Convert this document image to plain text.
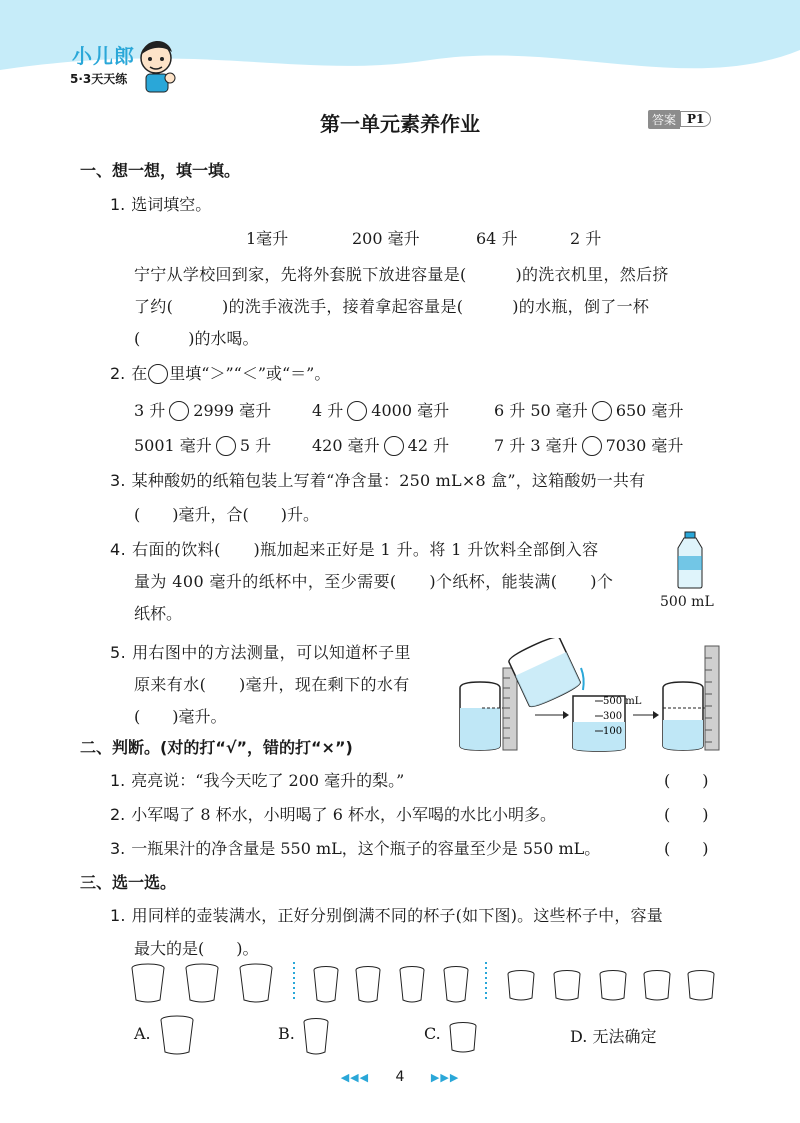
小儿郎
5·3天天练
第一单元素养作业	答案 P1
一、想一想，填一填。
1. 选词填空。
1毫升	200 毫升	64 升	2 升
宁宁从学校回到家，先将外套脱下放进容量是(　　　)的洗衣机里，然后挤
了约(　　　)的洗手液洗手，接着拿起容量是(　　　)的水瓶，倒了一杯
(　　　)的水喝。
2. 在 里填“＞”“＜”或“＝”。
3 升 2999 毫升	4 升 4000 毫升	6 升 50 毫升 650 毫升
5001 毫升 5 升	420 毫升 42 升	7 升 3 毫升 7030 毫升
3. 某种酸奶的纸箱包装上写着“净含量：250 mL×8 盒”，这箱酸奶一共有
(　　)毫升，合(　　)升。
4. 右面的饮料(　　)瓶加起来正好是 1 升。将 1 升饮料全部倒入容
量为 400 毫升的纸杯中，至少需要(　　)个纸杯，能装满(　　)个
纸杯。
500 mL
5. 用右图中的方法测量，可以知道杯子里
原来有水(　　)毫升，现在剩下的水有
(　　)毫升。
500 mL
300
100
二、判断。(对的打“√”，错的打“×”)
1. 亮亮说：“我今天吃了 200 毫升的梨。”	(　　)
2. 小军喝了 8 杯水，小明喝了 6 杯水，小军喝的水比小明多。	(　　)
3. 一瓶果汁的净含量是 550 mL，这个瓶子的容量至少是 550 mL。	(　　)
三、选一选。
1. 用同样的壶装满水，正好分别倒满不同的杯子(如下图)。这些杯子中，容量
最大的是(　　)。
A.	B.	C.	D. 无法确定
◀◀◀ 4 ▶▶▶
